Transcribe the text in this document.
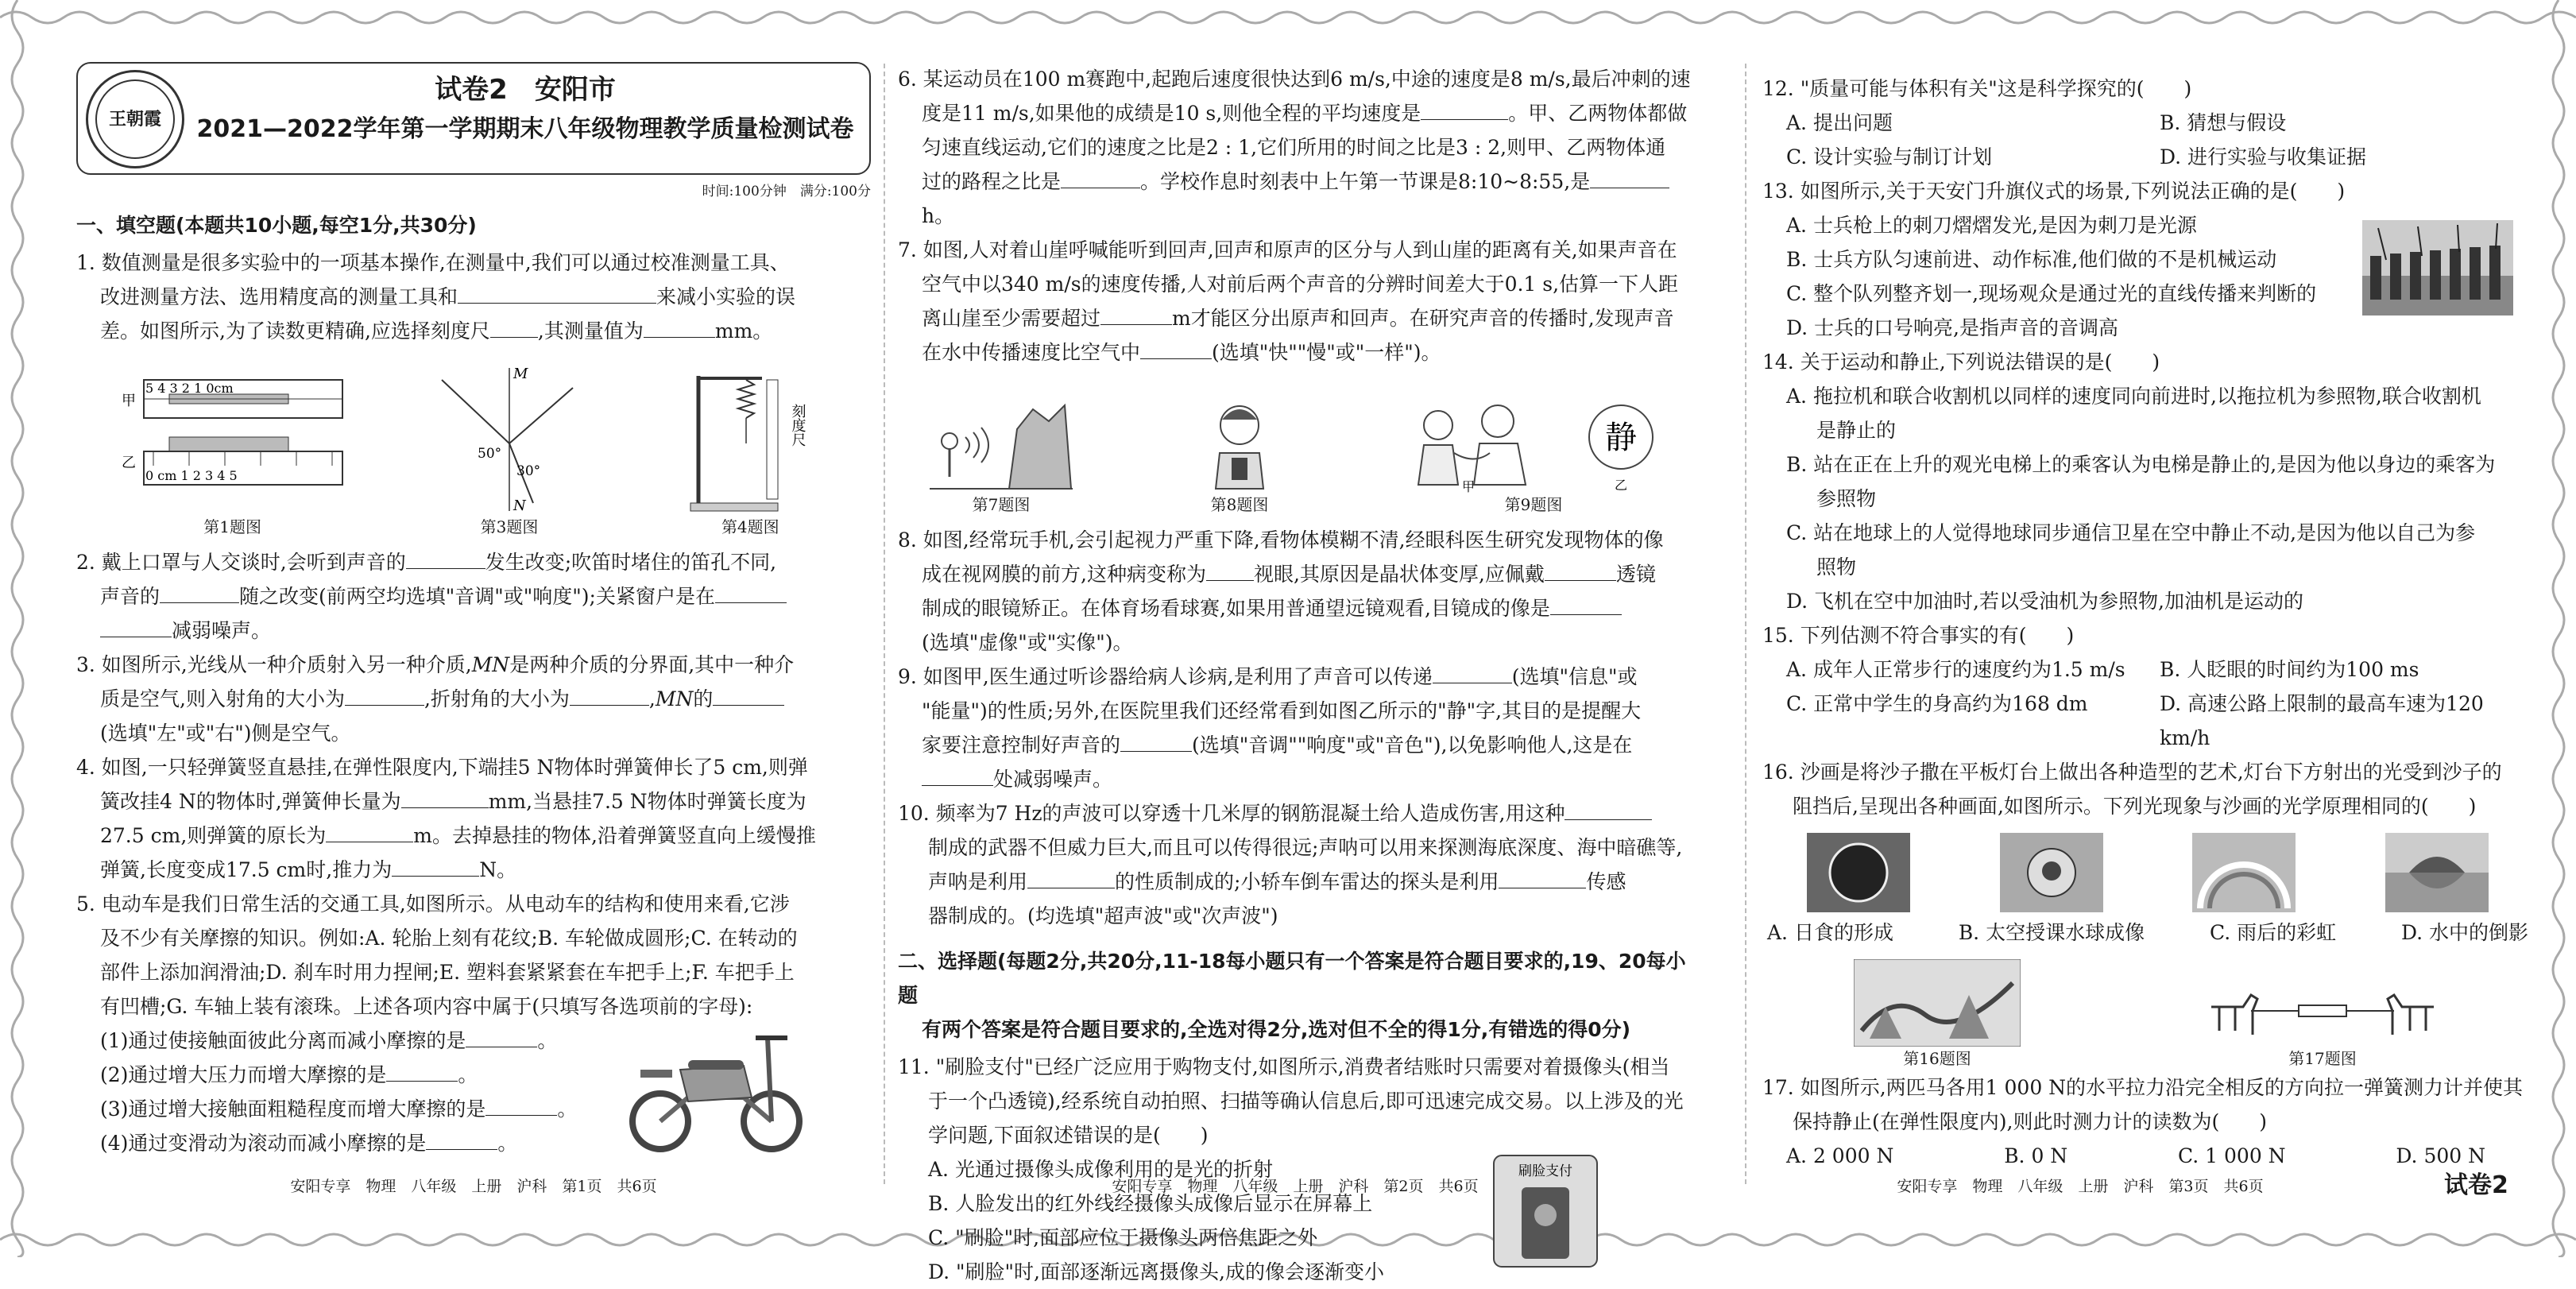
王朝霞
试卷2　安阳市
2021—2022学年第一学期期末八年级物理教学质量检测试卷
时间:100分钟　满分:100分
一、填空题(本题共10小题,每空1分,共30分)

1. 数值测量是很多实验中的一项基本操作,在测量中,我们可以通过校准测量工具、

改进测量方法、选用精度高的测量工具和	来减小实验的误

差。如图所示,为了读数更精确,应选择刻度尺 ,其测量值为	mm。

甲
5 4 3 2 1 0cm
乙
0 cm 1 2 3 4 5
第1题图
M
N
50°
30°
第3题图
刻度尺
第4题图

2. 戴上口罩与人交谈时,会听到声音的	发生改变;吹笛时堵住的笛孔不同,

声音的	随之改变(前两空均选填"音调"或"响度");关紧窗户是在

减弱噪声。

3. 如图所示,光线从一种介质射入另一种介质,MN是两种介质的分界面,其中一种介

质是空气,则入射角的大小为	,折射角的大小为	,MN的

(选填"左"或"右")侧是空气。

4. 如图,一只轻弹簧竖直悬挂,在弹性限度内,下端挂5 N物体时弹簧伸长了5 cm,则弹

簧改挂4 N的物体时,弹簧伸长量为	mm,当悬挂7.5 N物体时弹簧长度为

27.5 cm,则弹簧的原长为	m。去掉悬挂的物体,沿着弹簧竖直向上缓慢推

弹簧,长度变成17.5 cm时,推力为	N。

5. 电动车是我们日常生活的交通工具,如图所示。从电动车的结构和使用来看,它涉

及不少有关摩擦的知识。例如:A. 轮胎上刻有花纹;B. 车轮做成圆形;C. 在转动的

部件上添加润滑油;D. 刹车时用力捏闸;E. 塑料套紧紧套在车把手上;F. 车把手上

有凹槽;G. 车轴上装有滚珠。上述各项内容中属于(只填写各选项前的字母):

(1)通过使接触面彼此分离而减小摩擦的是	。

(2)通过增大压力而增大摩擦的是	。

(3)通过增大接触面粗糙程度而增大摩擦的是	。

(4)通过变滑动为滚动而减小摩擦的是	。

安阳专享　物理　八年级　上册　沪科　第1页　共6页

6. 某运动员在100 m赛跑中,起跑后速度很快达到6 m/s,中途的速度是8 m/s,最后冲刺的速

度是11 m/s,如果他的成绩是10 s,则他全程的平均速度是	。甲、乙两物体都做

匀速直线运动,它们的速度之比是2 : 1,它们所用的时间之比是3 : 2,则甲、乙两物体通

过的路程之比是	。学校作息时刻表中上午第一节课是8:10~8:55,是h。

7. 如图,人对着山崖呼喊能听到回声,回声和原声的区分与人到山崖的距离有关,如果声音在

空气中以340 m/s的速度传播,人对前后两个声音的分辨时间差大于0.1 s,估算一下人距

离山崖至少需要超过	m才能区分出原声和回声。在研究声音的传播时,发现声音

在水中传播速度比空气中	(选填"快""慢"或"一样")。

第7题图	第8题图
甲
静
乙
第9题图

8. 如图,经常玩手机,会引起视力严重下降,看物体模糊不清,经眼科医生研究发现物体的像

成在视网膜的前方,这种病变称为 视眼,其原因是晶状体变厚,应佩戴	透镜

制成的眼镜矫正。在体育场看球赛,如果用普通望远镜观看,目镜成的像是

(选填"虚像"或"实像")。

9. 如图甲,医生通过听诊器给病人诊病,是利用了声音可以传递	(选填"信息"或

"能量")的性质;另外,在医院里我们还经常看到如图乙所示的"静"字,其目的是提醒大

家要注意控制好声音的	(选填"音调""响度"或"音色"),以免影响他人,这是在

处减弱噪声。

10. 频率为7 Hz的声波可以穿透十几米厚的钢筋混凝土给人造成伤害,用这种

制成的武器不但威力巨大,而且可以传得很远;声呐可以用来探测海底深度、海中暗礁等,

声呐是利用	的性质制成的;小轿车倒车雷达的探头是利用	传感

器制成的。(均选填"超声波"或"次声波")

二、选择题(每题2分,共20分,11-18每小题只有一个答案是符合题目要求的,19、20每小题
有两个答案是符合题目要求的,全选对得2分,选对但不全的得1分,有错选的得0分)

11. "刷脸支付"已经广泛应用于购物支付,如图所示,消费者结账时只需要对着摄像头(相当

于一个凸透镜),经系统自动拍照、扫描等确认信息后,即可迅速完成交易。以上涉及的光

学问题,下面叙述错误的是(　　)

A. 光通过摄像头成像利用的是光的折射

B. 人脸发出的红外线经摄像头成像后显示在屏幕上

C. "刷脸"时,面部应位于摄像头两倍焦距之外

D. "刷脸"时,面部逐渐远离摄像头,成的像会逐渐变小

刷脸支付
安阳专享　物理　八年级　上册　沪科　第2页　共6页

12. "质量可能与体积有关"这是科学探究的(　　)

A. 提出问题	B. 猜想与假设
C. 设计实验与制订计划	D. 进行实验与收集证据

13. 如图所示,关于天安门升旗仪式的场景,下列说法正确的是(　　)

A. 士兵枪上的刺刀熠熠发光,是因为刺刀是光源

B. 士兵方队匀速前进、动作标准,他们做的不是机械运动

C. 整个队列整齐划一,现场观众是通过光的直线传播来判断的

D. 士兵的口号响亮,是指声音的音调高

14. 关于运动和静止,下列说法错误的是(　　)

A. 拖拉机和联合收割机以同样的速度同向前进时,以拖拉机为参照物,联合收割机
是静止的

B. 站在正在上升的观光电梯上的乘客认为电梯是静止的,是因为他以身边的乘客为
参照物

C. 站在地球上的人觉得地球同步通信卫星在空中静止不动,是因为他以自己为参
照物

D. 飞机在空中加油时,若以受油机为参照物,加油机是运动的

15. 下列估测不符合事实的有(　　)

A. 成年人正常步行的速度约为1.5 m/s	B. 人眨眼的时间约为100 ms
C. 正常中学生的身高约为168 dm	D. 高速公路上限制的最高车速为120 km/h

16. 沙画是将沙子撒在平板灯台上做出各种造型的艺术,灯台下方射出的光受到沙子的

阻挡后,呈现出各种画面,如图所示。下列光现象与沙画的光学原理相同的(　　)

A. 日食的形成	B. 太空授课水球成像	C. 雨后的彩虹	D. 水中的倒影
第16题图	第17题图

17. 如图所示,两匹马各用1 000 N的水平拉力沿完全相反的方向拉一弹簧测力计并使其

保持静止(在弹性限度内),则此时测力计的读数为(　　)

A. 2 000 N	B. 0 N	C. 1 000 N	D. 500 N
安阳专享　物理　八年级　上册　沪科　第3页　共6页	试卷2
